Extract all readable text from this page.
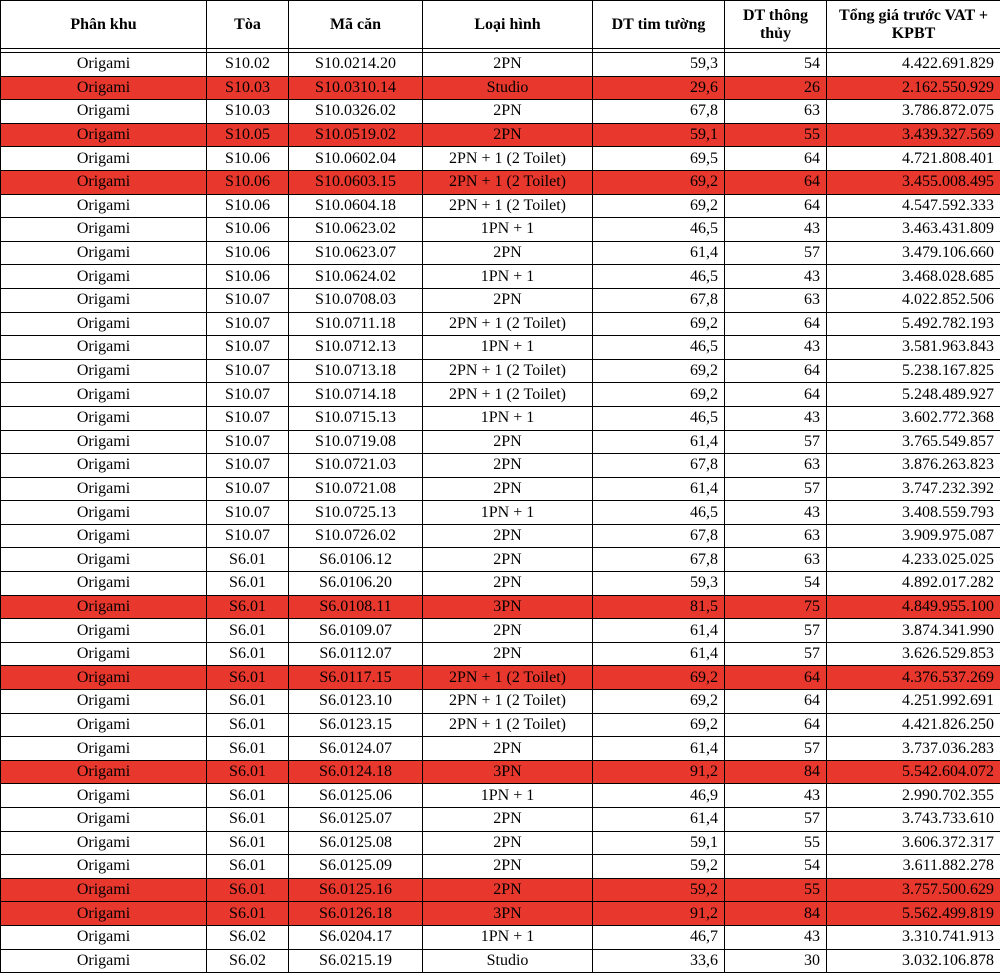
Phân khu	Tòa	Mã căn	Loại hình	DT tim tường	DT thông thủy	Tổng giá trước VAT + KPBT

Origami	S10.02	S10.0214.20	2PN	59,3	54	4.422.691.829
Origami	S10.03	S10.0310.14	Studio	29,6	26	2.162.550.929
Origami	S10.03	S10.0326.02	2PN	67,8	63	3.786.872.075
Origami	S10.05	S10.0519.02	2PN	59,1	55	3.439.327.569
Origami	S10.06	S10.0602.04	2PN + 1 (2 Toilet)	69,5	64	4.721.808.401
Origami	S10.06	S10.0603.15	2PN + 1 (2 Toilet)	69,2	64	3.455.008.495
Origami	S10.06	S10.0604.18	2PN + 1 (2 Toilet)	69,2	64	4.547.592.333
Origami	S10.06	S10.0623.02	1PN + 1	46,5	43	3.463.431.809
Origami	S10.06	S10.0623.07	2PN	61,4	57	3.479.106.660
Origami	S10.06	S10.0624.02	1PN + 1	46,5	43	3.468.028.685
Origami	S10.07	S10.0708.03	2PN	67,8	63	4.022.852.506
Origami	S10.07	S10.0711.18	2PN + 1 (2 Toilet)	69,2	64	5.492.782.193
Origami	S10.07	S10.0712.13	1PN + 1	46,5	43	3.581.963.843
Origami	S10.07	S10.0713.18	2PN + 1 (2 Toilet)	69,2	64	5.238.167.825
Origami	S10.07	S10.0714.18	2PN + 1 (2 Toilet)	69,2	64	5.248.489.927
Origami	S10.07	S10.0715.13	1PN + 1	46,5	43	3.602.772.368
Origami	S10.07	S10.0719.08	2PN	61,4	57	3.765.549.857
Origami	S10.07	S10.0721.03	2PN	67,8	63	3.876.263.823
Origami	S10.07	S10.0721.08	2PN	61,4	57	3.747.232.392
Origami	S10.07	S10.0725.13	1PN + 1	46,5	43	3.408.559.793
Origami	S10.07	S10.0726.02	2PN	67,8	63	3.909.975.087
Origami	S6.01	S6.0106.12	2PN	67,8	63	4.233.025.025
Origami	S6.01	S6.0106.20	2PN	59,3	54	4.892.017.282
Origami	S6.01	S6.0108.11	3PN	81,5	75	4.849.955.100
Origami	S6.01	S6.0109.07	2PN	61,4	57	3.874.341.990
Origami	S6.01	S6.0112.07	2PN	61,4	57	3.626.529.853
Origami	S6.01	S6.0117.15	2PN + 1 (2 Toilet)	69,2	64	4.376.537.269
Origami	S6.01	S6.0123.10	2PN + 1 (2 Toilet)	69,2	64	4.251.992.691
Origami	S6.01	S6.0123.15	2PN + 1 (2 Toilet)	69,2	64	4.421.826.250
Origami	S6.01	S6.0124.07	2PN	61,4	57	3.737.036.283
Origami	S6.01	S6.0124.18	3PN	91,2	84	5.542.604.072
Origami	S6.01	S6.0125.06	1PN + 1	46,9	43	2.990.702.355
Origami	S6.01	S6.0125.07	2PN	61,4	57	3.743.733.610
Origami	S6.01	S6.0125.08	2PN	59,1	55	3.606.372.317
Origami	S6.01	S6.0125.09	2PN	59,2	54	3.611.882.278
Origami	S6.01	S6.0125.16	2PN	59,2	55	3.757.500.629
Origami	S6.01	S6.0126.18	3PN	91,2	84	5.562.499.819
Origami	S6.02	S6.0204.17	1PN + 1	46,7	43	3.310.741.913
Origami	S6.02	S6.0215.19	Studio	33,6	30	3.032.106.878
